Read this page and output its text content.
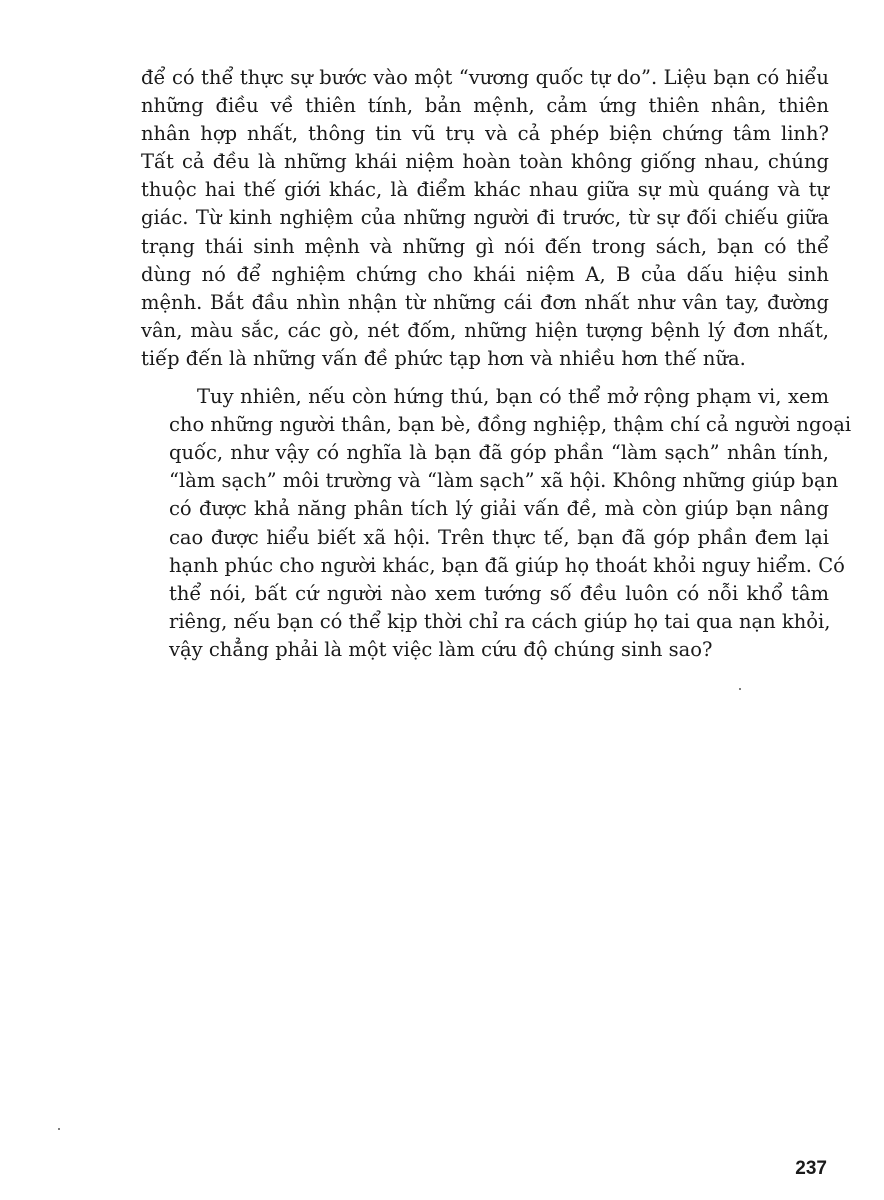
để có thể thực sự bước vào một “vương quốc tự do”. Liệu bạn có hiểu
những điều về thiên tính, bản mệnh, cảm ứng thiên nhân, thiên
nhân hợp nhất, thông tin vũ trụ và cả phép biện chứng tâm linh?
Tất cả đều là những khái niệm hoàn toàn không giống nhau, chúng
thuộc hai thế giới khác, là điểm khác nhau giữa sự mù quáng và tự
giác. Từ kinh nghiệm của những người đi trước, từ sự đối chiếu giữa
trạng thái sinh mệnh và những gì nói đến trong sách, bạn có thể
dùng nó để nghiệm chứng cho khái niệm A, B của dấu hiệu sinh
mệnh. Bắt đầu nhìn nhận từ những cái đơn nhất như vân tay, đường
vân, màu sắc, các gò, nét đốm, những hiện tượng bệnh lý đơn nhất,
tiếp đến là những vấn đề phức tạp hơn và nhiều hơn thế nữa.

Tuy nhiên, nếu còn hứng thú, bạn có thể mở rộng phạm vi, xem
cho những người thân, bạn bè, đồng nghiệp, thậm chí cả người ngoại
quốc, như vậy có nghĩa là bạn đã góp phần “làm sạch” nhân tính,
“làm sạch” môi trường và “làm sạch” xã hội. Không những giúp bạn
có được khả năng phân tích lý giải vấn đề, mà còn giúp bạn nâng
cao được hiểu biết xã hội. Trên thực tế, bạn đã góp phần đem lại
hạnh phúc cho người khác, bạn đã giúp họ thoát khỏi nguy hiểm. Có
thể nói, bất cứ người nào xem tướng số đều luôn có nỗi khổ tâm
riêng, nếu bạn có thể kịp thời chỉ ra cách giúp họ tai qua nạn khỏi,
vậy chẳng phải là một việc làm cứu độ chúng sinh sao?

237
